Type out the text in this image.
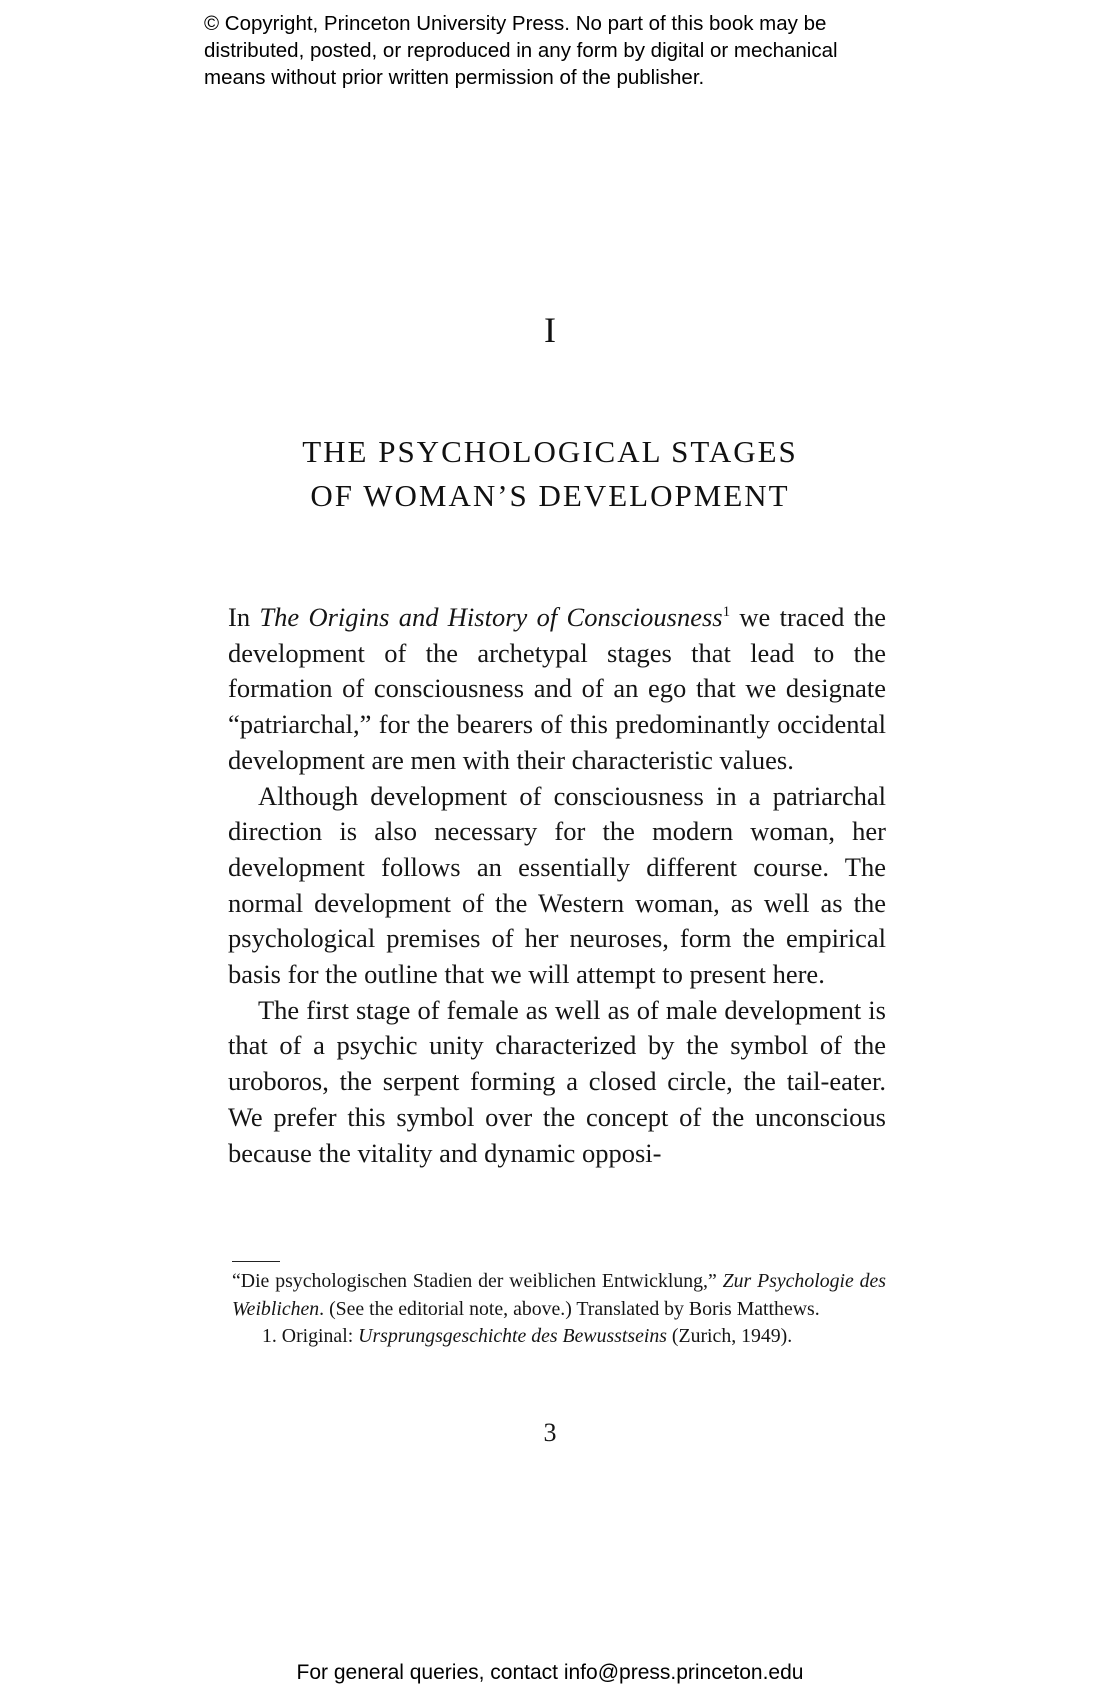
© Copyright, Princeton University Press. No part of this book may be
distributed, posted, or reproduced in any form by digital or mechanical
means without prior written permission of the publisher.
I
THE PSYCHOLOGICAL STAGES
OF WOMAN’S DEVELOPMENT

In The Origins and History of Consciousness$^1$ we traced the development of the archetypal stages that lead to the formation of consciousness and of an ego that we designate “patriarchal,” for the bearers of this predominantly occidental development are men with their characteristic values.

Although development of consciousness in a patriarchal direction is also necessary for the modern woman, her development follows an essentially different course. The normal development of the Western woman, as well as the psychological premises of her neuroses, form the empirical basis for the outline that we will attempt to present here.

The first stage of female as well as of male development is that of a psychic unity characterized by the symbol of the uroboros, the serpent forming a closed circle, the tail-eater. We prefer this symbol over the concept of the unconscious because the vitality and dynamic opposi-

“Die psychologischen Stadien der weiblichen Entwicklung,” Zur Psychologie des Weiblichen. (See the editorial note, above.) Translated by Boris Matthews.

1. Original: Ursprungsgeschichte des Bewusstseins (Zurich, 1949).

3
For general queries, contact info@press.princeton.edu
